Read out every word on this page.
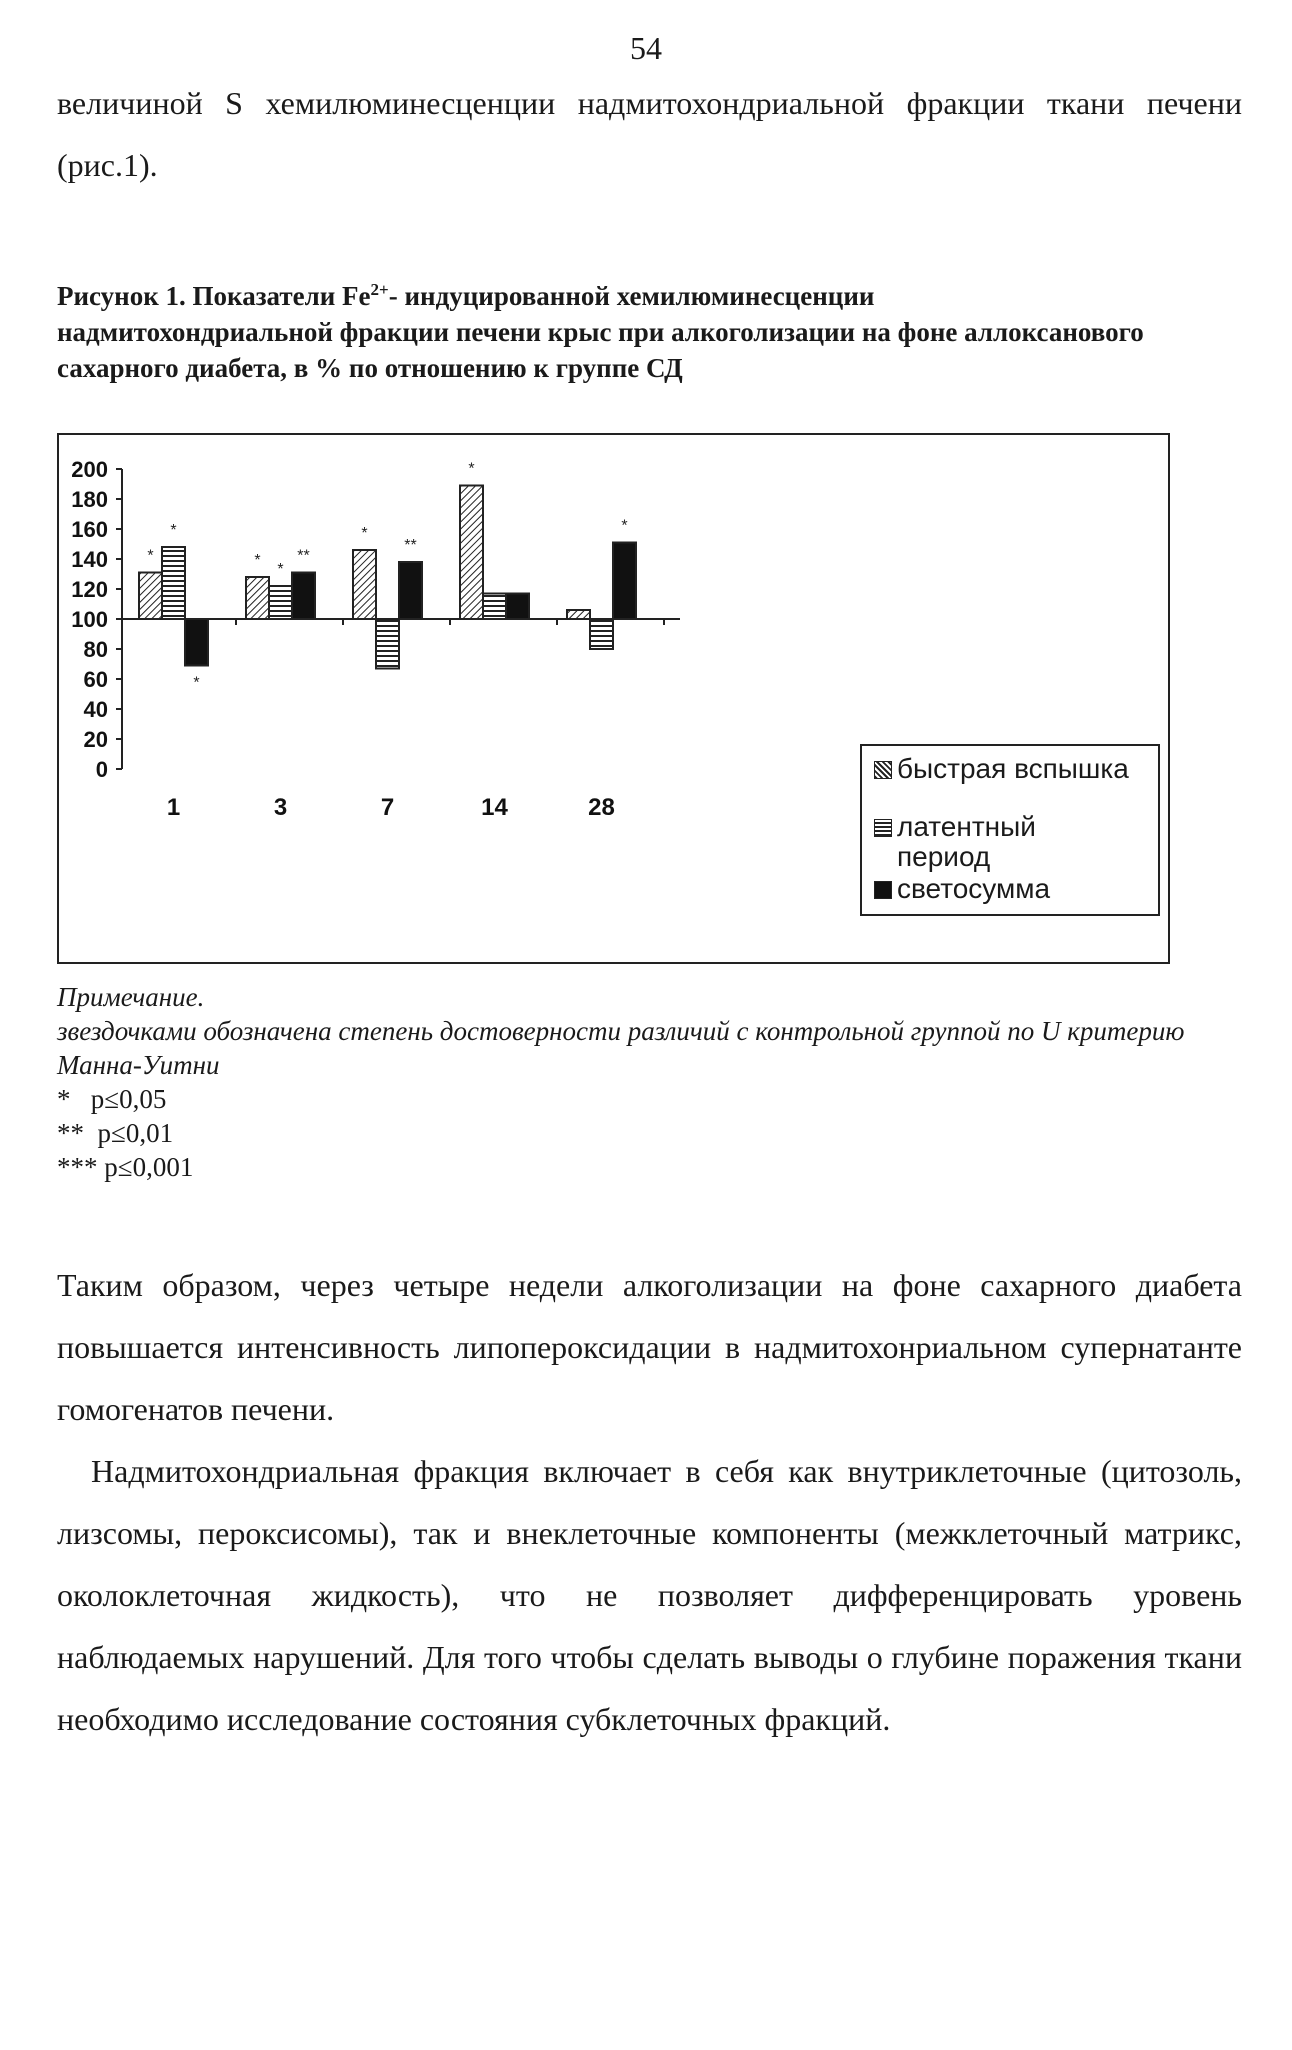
54
величиной S хемилюминесценции надмитохондриальной фракции ткани печени (рис.1).
Рисунок 1. Показатели $Fe^{2+}-$ индуцированной хемилюминесценции надмитохондриальной фракции печени крыс при алкоголизации на фоне аллоксанового сахарного диабета, в % по отношению к группе СД
0
20
40
60
80
100
120
140
160
180
200
*
*
*
1
*
*
**
3
*
**
7
*
14
*
28
быстрая вспышка
латентный период
светосумма
Примечание.
звездочками обозначена степень достоверности различий с контрольной группой по U критерию Манна-Уитни
*   p≤0,05
**  p≤0,01
*** p≤0,001
Таким образом, через четыре недели алкоголизации на фоне сахарного диабета повышается интенсивность липопероксидации в надмитохонриальном супернатанте гомогенатов печени.
Надмитохондриальная фракция включает в себя как внутриклеточные (цитозоль, лизсомы, пероксисомы), так и внеклеточные компоненты (межклеточный матрикс, околоклеточная жидкость), что не позволяет дифференцировать уровень наблюдаемых нарушений. Для того чтобы сделать выводы о глубине поражения ткани необходимо исследование состояния субклеточных фракций.
